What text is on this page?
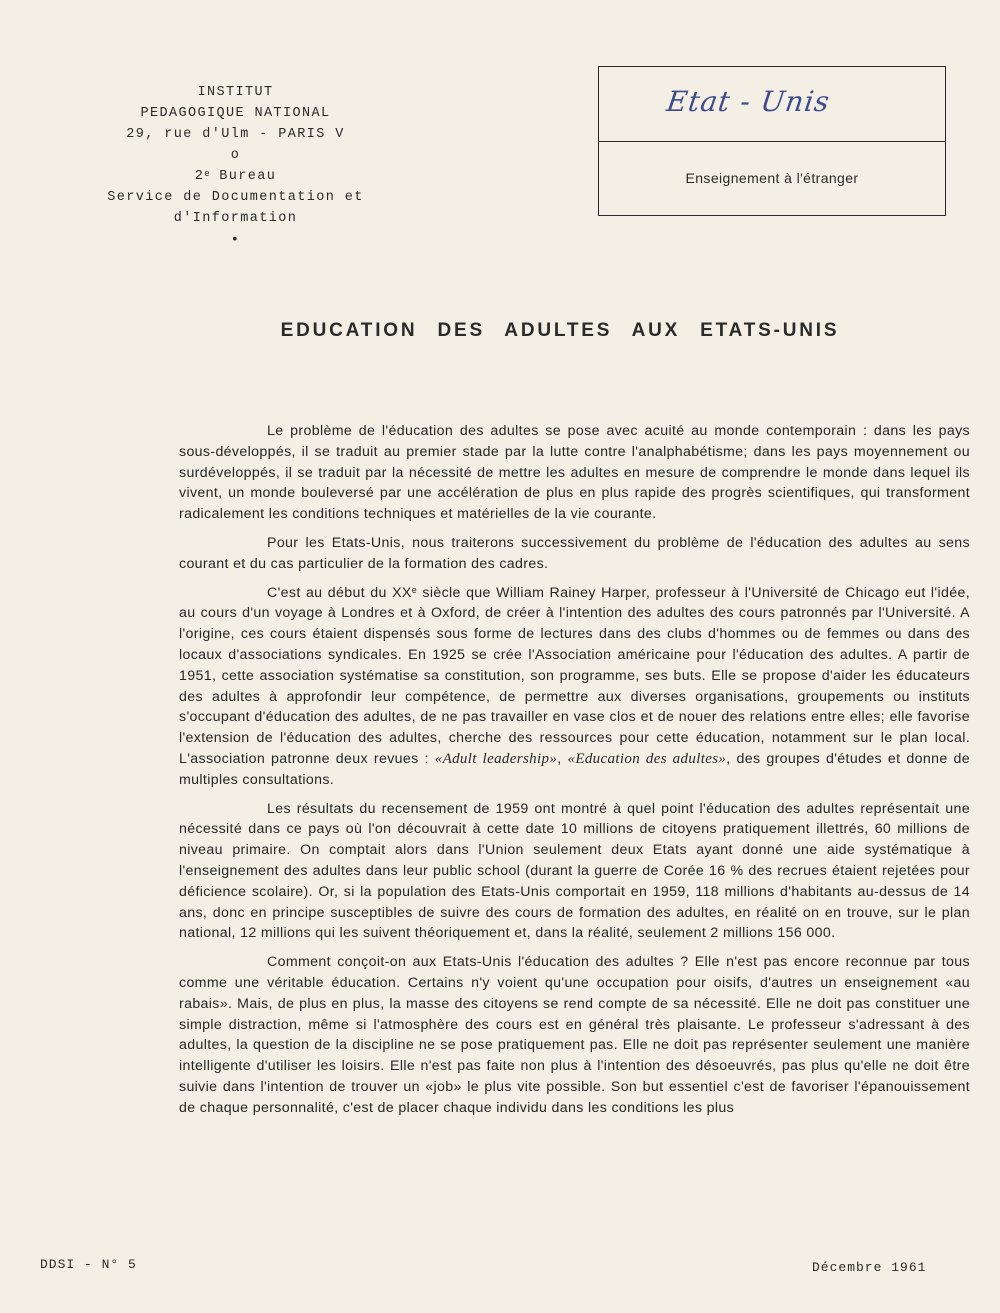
INSTITUT
PEDAGOGIQUE NATIONAL
29, rue d'Ulm - PARIS V
o
2e Bureau
Service de Documentation et d'Information
•
Etat - Unis
Enseignement à l'étranger
EDUCATION DES ADULTES AUX ETATS-UNIS

Le problème de l'éducation des adultes se pose avec acuité au monde contemporain : dans les pays sous-développés, il se traduit au premier stade par la lutte contre l'analphabétisme; dans les pays moyennement ou surdéveloppés, il se traduit par la nécessité de mettre les adultes en mesure de comprendre le monde dans lequel ils vivent, un monde bouleversé par une accélération de plus en plus rapide des progrès scientifiques, qui transforment radicalement les conditions techniques et matérielles de la vie courante.

Pour les Etats-Unis, nous traiterons successivement du problème de l'éducation des adultes au sens courant et du cas particulier de la formation des cadres.

C'est au début du XXe siècle que William Rainey Harper, professeur à l'Université de Chicago eut l'idée, au cours d'un voyage à Londres et à Oxford, de créer à l'intention des adultes des cours patronnés par l'Université. A l'origine, ces cours étaient dispensés sous forme de lectures dans des clubs d'hommes ou de femmes ou dans des locaux d'associations syndicales. En 1925 se crée l'Association américaine pour l'éducation des adultes. A partir de 1951, cette association systématise sa constitution, son programme, ses buts. Elle se propose d'aider les éducateurs des adultes à approfondir leur compétence, de permettre aux diverses organisations, groupements ou instituts s'occupant d'éducation des adultes, de ne pas travailler en vase clos et de nouer des relations entre elles; elle favorise l'extension de l'éducation des adultes, cherche des ressources pour cette éducation, notamment sur le plan local. L'association patronne deux revues : «Adult leadership», «Education des adultes», des groupes d'études et donne de multiples consultations.

Les résultats du recensement de 1959 ont montré à quel point l'éducation des adultes représentait une nécessité dans ce pays où l'on découvrait à cette date 10 millions de citoyens pratiquement illettrés, 60 millions de niveau primaire. On comptait alors dans l'Union seulement deux Etats ayant donné une aide systématique à l'enseignement des adultes dans leur public school (durant la guerre de Corée 16 % des recrues étaient rejetées pour déficience scolaire). Or, si la population des Etats-Unis comportait en 1959, 118 millions d'habitants au-dessus de 14 ans, donc en principe susceptibles de suivre des cours de formation des adultes, en réalité on en trouve, sur le plan national, 12 millions qui les suivent théoriquement et, dans la réalité, seulement 2 millions 156 000.

Comment conçoit-on aux Etats-Unis l'éducation des adultes ? Elle n'est pas encore reconnue par tous comme une véritable éducation. Certains n'y voient qu'une occupation pour oisifs, d'autres un enseignement «au rabais». Mais, de plus en plus, la masse des citoyens se rend compte de sa nécessité. Elle ne doit pas constituer une simple distraction, même si l'atmosphère des cours est en général très plaisante. Le professeur s'adressant à des adultes, la question de la discipline ne se pose pratiquement pas. Elle ne doit pas représenter seulement une manière intelligente d'utiliser les loisirs. Elle n'est pas faite non plus à l'intention des désoeuvrés, pas plus qu'elle ne doit être suivie dans l'intention de trouver un «job» le plus vite possible. Son but essentiel c'est de favoriser l'épanouissement de chaque personnalité, c'est de placer chaque individu dans les conditions les plus

DDSI - N° 5	Décembre 1961
